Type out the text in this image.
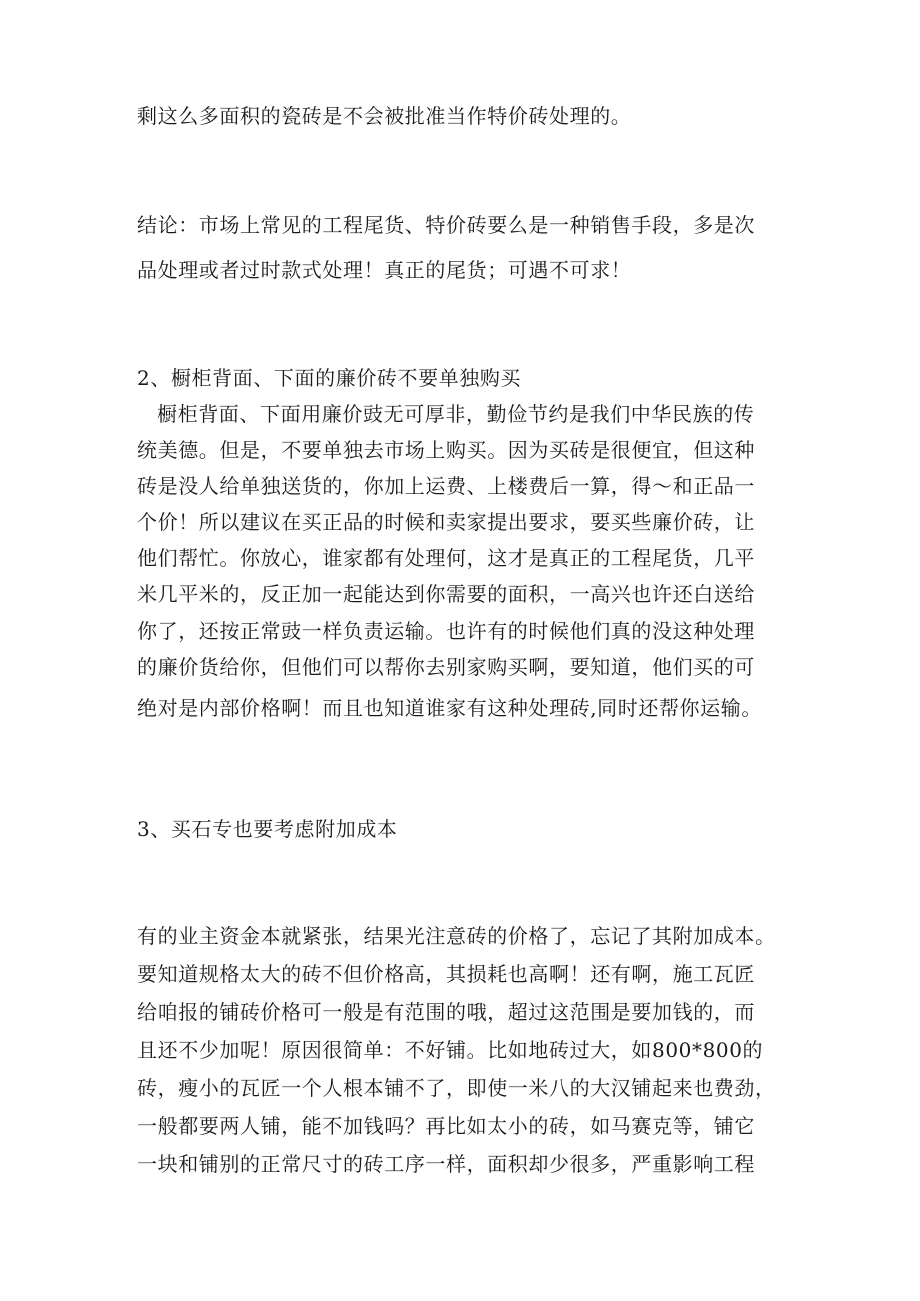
剩这么多面积的瓷砖是不会被批准当作特价砖处理的。
结论：市场上常见的工程尾货、特价砖要么是一种销售手段，多是次
品处理或者过时款式处理！真正的尾货；可遇不可求！
2、橱柜背面、下面的廉价砖不要单独购买
橱柜背面、下面用廉价豉无可厚非，勤俭节约是我们中华民族的传
统美德。但是，不要单独去市场上购买。因为买砖是很便宜，但这种
砖是没人给单独送货的，你加上运费、上楼费后一算，得～和正品一
个价！所以建议在买正品的时候和卖家提出要求，要买些廉价砖，让
他们帮忙。你放心，谁家都有处理何，这才是真正的工程尾货，几平
米几平米的，反正加一起能达到你需要的面积，一高兴也许还白送给
你了，还按正常豉一样负责运输。也许有的时候他们真的没这种处理
的廉价货给你，但他们可以帮你去别家购买啊，要知道，他们买的可
绝对是内部价格啊！而且也知道谁家有这种处理砖,同时还帮你运输。
3、买石专也要考虑附加成本
有的业主资金本就紧张，结果光注意砖的价格了，忘记了其附加成本。
要知道规格太大的砖不但价格高，其损耗也高啊！还有啊，施工瓦匠
给咱报的铺砖价格可一般是有范围的哦，超过这范围是要加钱的，而
且还不少加呢！原因很简单：不好铺。比如地砖过大，如800*800的
砖，瘦小的瓦匠一个人根本铺不了，即使一米八的大汉铺起来也费劲，
一般都要两人铺，能不加钱吗？再比如太小的砖，如马赛克等，铺它
一块和铺别的正常尺寸的砖工序一样，面积却少很多，严重影响工程
